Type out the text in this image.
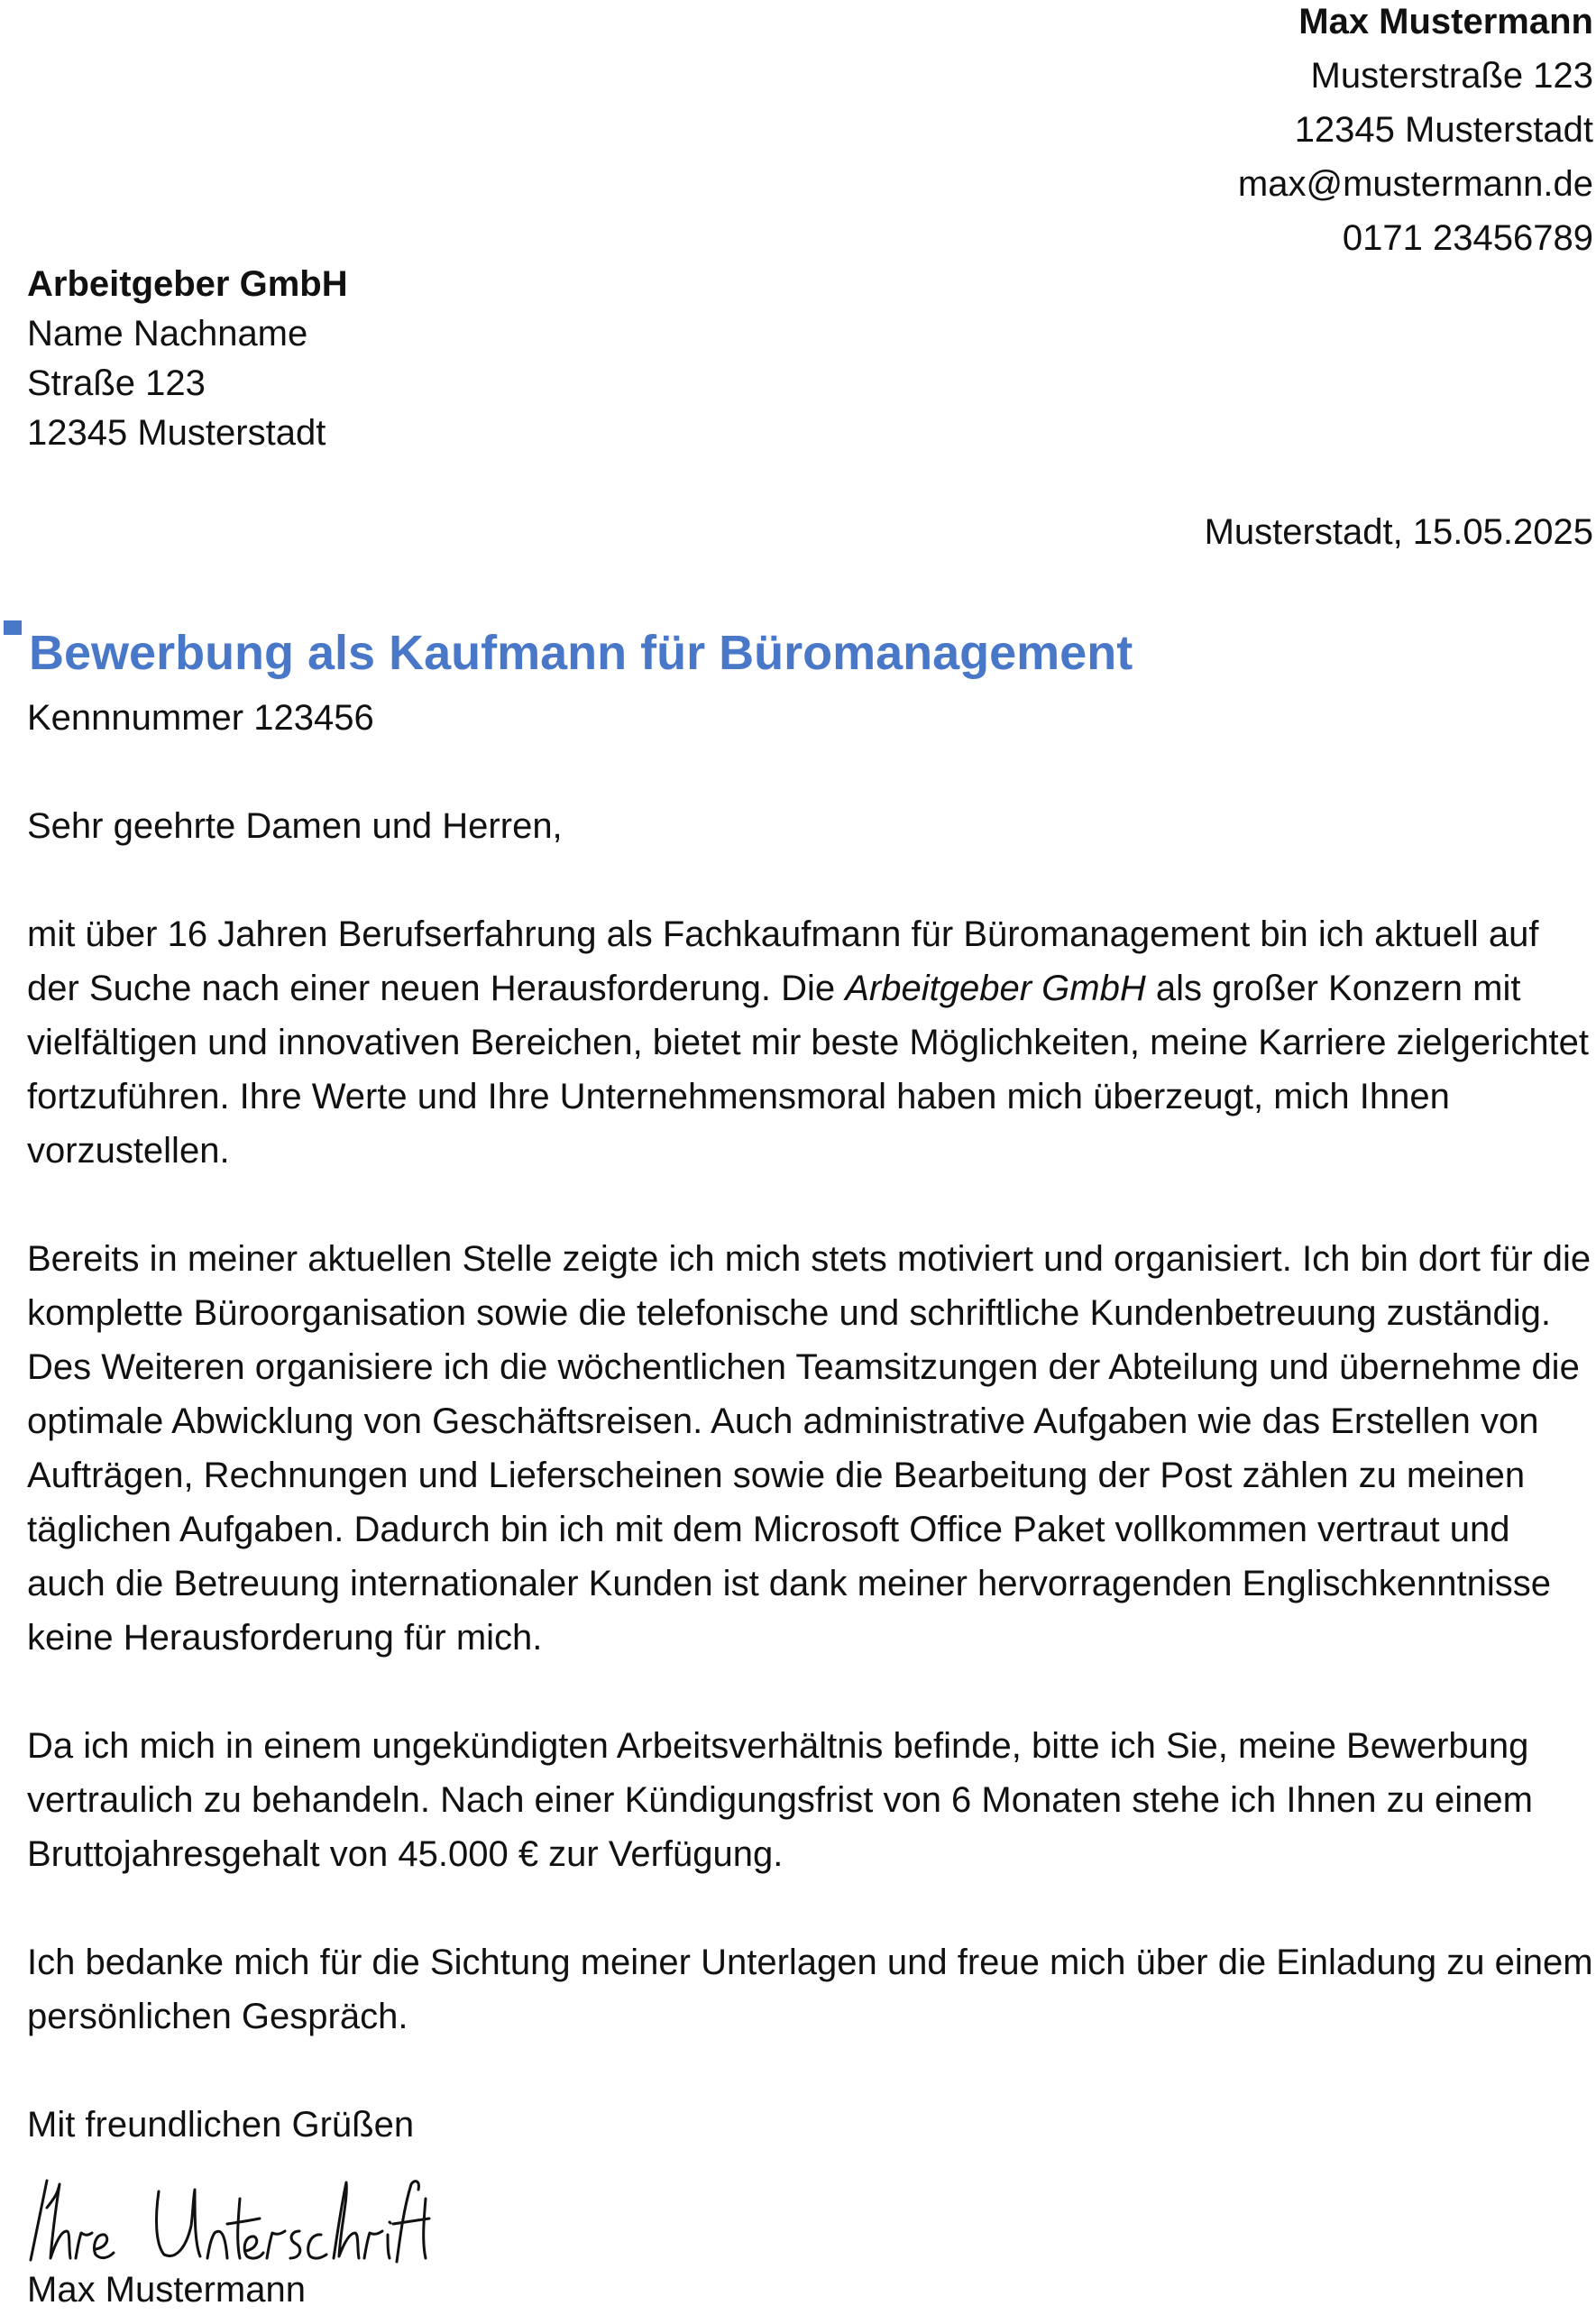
Max Mustermann
Musterstraße 123
12345 Musterstadt
max@mustermann.de
0171 23456789
Arbeitgeber GmbH
Name Nachname
Straße 123
12345 Musterstadt
Musterstadt, 15.05.2025
Bewerbung als Kaufmann für Büromanagement
Kennnummer 123456

Sehr geehrte Damen und Herren,

mit über 16 Jahren Berufserfahrung als Fachkaufmann für Büromanagement bin ich aktuell auf der Suche nach einer neuen Herausforderung. Die Arbeitgeber GmbH als großer Konzern mit vielfältigen und innovativen Bereichen, bietet mir beste Möglichkeiten, meine Karriere zielgerichtet fortzuführen. Ihre Werte und Ihre Unternehmensmoral haben mich überzeugt, mich Ihnen vorzustellen.

Bereits in meiner aktuellen Stelle zeigte ich mich stets motiviert und organisiert. Ich bin dort für die komplette Büroorganisation sowie die telefonische und schriftliche Kundenbetreuung zuständig. Des Weiteren organisiere ich die wöchentlichen Teamsitzungen der Abteilung und übernehme die optimale Abwicklung von Geschäftsreisen. Auch administrative Aufgaben wie das Erstellen von Aufträgen, Rechnungen und Lieferscheinen sowie die Bearbeitung der Post zählen zu meinen täglichen Aufgaben. Dadurch bin ich mit dem Microsoft Office Paket vollkommen vertraut und auch die Betreuung internationaler Kunden ist dank meiner hervorragenden Englischkenntnisse keine Herausforderung für mich.

Da ich mich in einem ungekündigten Arbeitsverhältnis befinde, bitte ich Sie, meine Bewerbung vertraulich zu behandeln. Nach einer Kündigungsfrist von 6 Monaten stehe ich Ihnen zu einem Bruttojahresgehalt von 45.000 € zur Verfügung.

Ich bedanke mich für die Sichtung meiner Unterlagen und freue mich über die Einladung zu einem persönlichen Gespräch.

Mit freundlichen Grüßen

Max Mustermann
